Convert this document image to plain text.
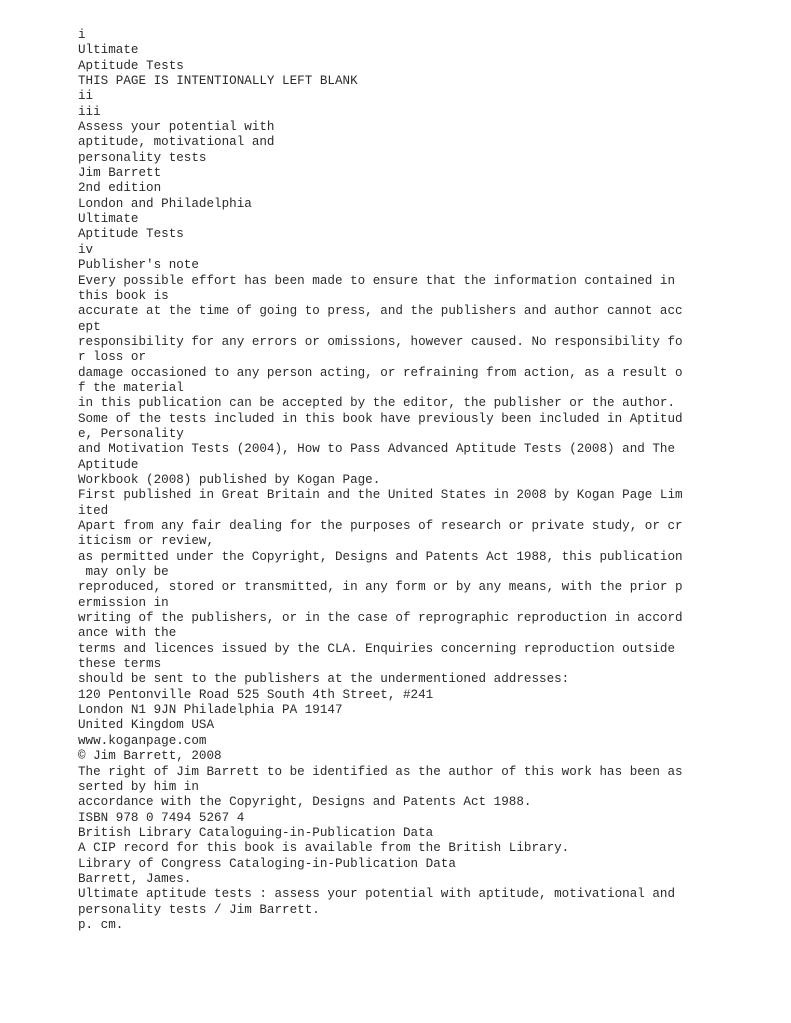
i
Ultimate
Aptitude Tests
THIS PAGE IS INTENTIONALLY LEFT BLANK
ii
iii
Assess your potential with
aptitude, motivational and
personality tests
Jim Barrett
2nd edition
London and Philadelphia
Ultimate
Aptitude Tests
iv
Publisher's note
Every possible effort has been made to ensure that the information contained in
this book is
accurate at the time of going to press, and the publishers and author cannot acc
ept
responsibility for any errors or omissions, however caused. No responsibility fo
r loss or
damage occasioned to any person acting, or refraining from action, as a result o
f the material
in this publication can be accepted by the editor, the publisher or the author.
Some of the tests included in this book have previously been included in Aptitud
e, Personality
and Motivation Tests (2004), How to Pass Advanced Aptitude Tests (2008) and The
Aptitude
Workbook (2008) published by Kogan Page.
First published in Great Britain and the United States in 2008 by Kogan Page Lim
ited
Apart from any fair dealing for the purposes of research or private study, or cr
iticism or review,
as permitted under the Copyright, Designs and Patents Act 1988, this publication
may only be
reproduced, stored or transmitted, in any form or by any means, with the prior p
ermission in
writing of the publishers, or in the case of reprographic reproduction in accord
ance with the
terms and licences issued by the CLA. Enquiries concerning reproduction outside
these terms
should be sent to the publishers at the undermentioned addresses:
120 Pentonville Road 525 South 4th Street, #241
London N1 9JN Philadelphia PA 19147
United Kingdom USA
www.koganpage.com
© Jim Barrett, 2008
The right of Jim Barrett to be identified as the author of this work has been as
serted by him in
accordance with the Copyright, Designs and Patents Act 1988.
ISBN 978 0 7494 5267 4
British Library Cataloguing-in-Publication Data
A CIP record for this book is available from the British Library.
Library of Congress Cataloging-in-Publication Data
Barrett, James.
Ultimate aptitude tests : assess your potential with aptitude, motivational and
personality tests / Jim Barrett.
p. cm.
